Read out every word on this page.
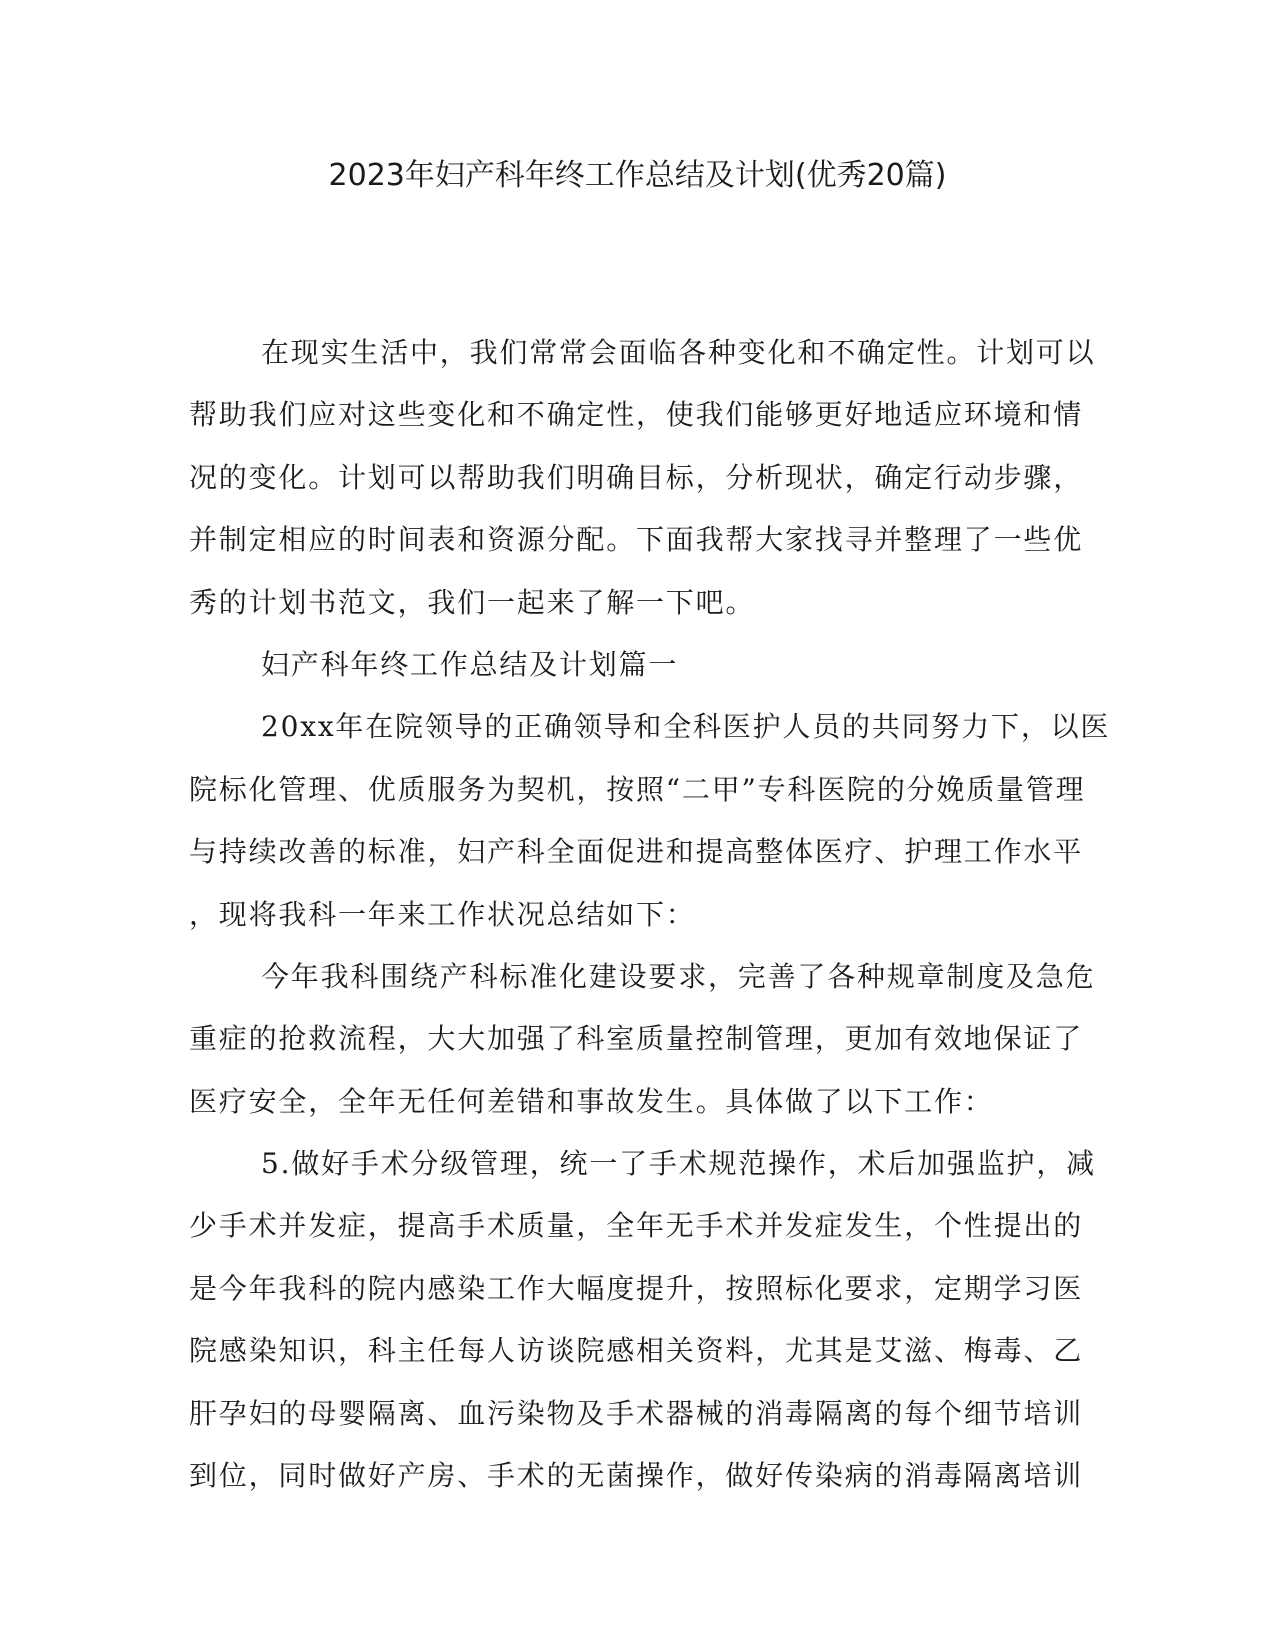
2023年妇产科年终工作总结及计划(优秀20篇)
在现实生活中，我们常常会面临各种变化和不确定性。计划可以
帮助我们应对这些变化和不确定性，使我们能够更好地适应环境和情
况的变化。计划可以帮助我们明确目标，分析现状，确定行动步骤，
并制定相应的时间表和资源分配。下面我帮大家找寻并整理了一些优
秀的计划书范文，我们一起来了解一下吧。
妇产科年终工作总结及计划篇一
20xx年在院领导的正确领导和全科医护人员的共同努力下，以医
院标化管理、优质服务为契机，按照“二甲”专科医院的分娩质量管理
与持续改善的标准，妇产科全面促进和提高整体医疗、护理工作水平
，现将我科一年来工作状况总结如下：
今年我科围绕产科标准化建设要求，完善了各种规章制度及急危
重症的抢救流程，大大加强了科室质量控制管理，更加有效地保证了
医疗安全，全年无任何差错和事故发生。具体做了以下工作：
5.做好手术分级管理，统一了手术规范操作，术后加强监护，减
少手术并发症，提高手术质量，全年无手术并发症发生，个性提出的
是今年我科的院内感染工作大幅度提升，按照标化要求，定期学习医
院感染知识，科主任每人访谈院感相关资料，尤其是艾滋、梅毒、乙
肝孕妇的母婴隔离、血污染物及手术器械的消毒隔离的每个细节培训
到位，同时做好产房、手术的无菌操作，做好传染病的消毒隔离培训
